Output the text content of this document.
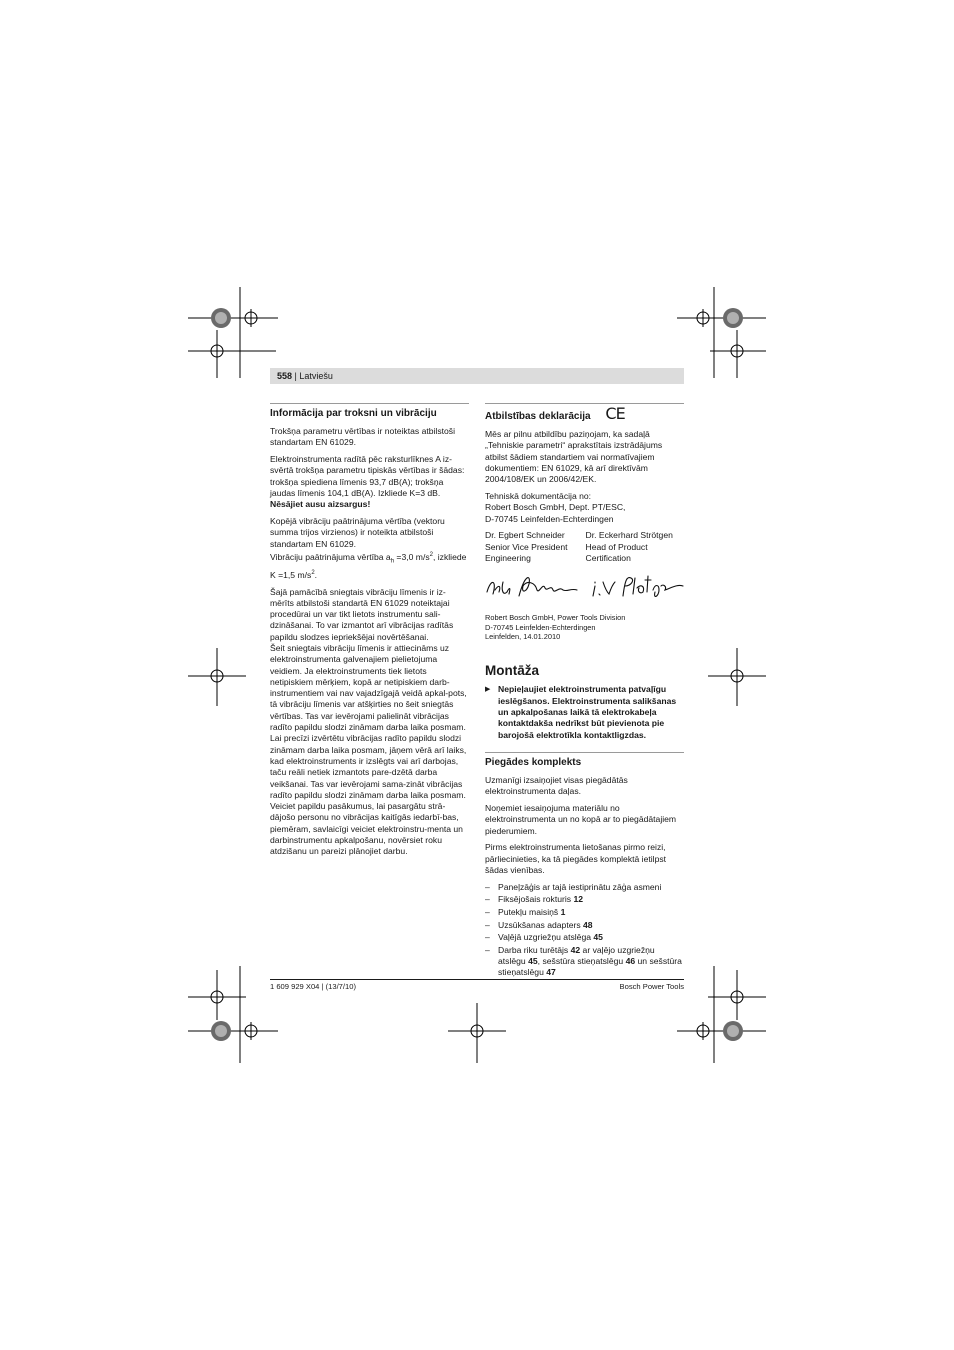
558 | Latviešu
Informācija par troksni un vibrāciju

Trokšņa parametru vērtības ir noteiktas atbilstoši standartam EN 61029.

Elektroinstrumenta radītā pēc raksturlīknes A iz-svērtā trokšņa parametru tipiskās vērtības ir šādas: trokšņa spiediena līmenis 93,7 dB(A); trokšņa jaudas līmenis 104,1 dB(A). Izkliede K=3 dB.

Nēsājiet ausu aizsargus!

Kopējā vibrāciju paātrinājuma vērtība (vektoru summa trijos virzienos) ir noteikta atbilstoši standartam EN 61029.

Vibrāciju paātrinājuma vērtība $a_h =3,0$ $m/s^2$, izkliede K =1,5 $m/s^2$.

Šajā pamācībā sniegtais vibrāciju līmenis ir iz-mērīts atbilstoši standartā EN 61029 noteiktajai procedūrai un var tikt lietots instrumentu sali-dzināšanai. To var izmantot arī vibrācijas radītās papildu slodzes iepriekšējai novērtēšanai.

Šeit sniegtais vibrāciju līmenis ir attiecināms uz elektroinstrumenta galvenajiem pielietojuma veidiem. Ja elektroinstruments tiek lietots netipiskiem mērķiem, kopā ar netipiskiem darb-instrumentiem vai nav vajadzīgajā veidā apkal-pots, tā vibrāciju līmenis var atšķirties no šeit sniegtās vērtības. Tas var ievērojami palielināt vibrācijas radīto papildu slodzi zināmam darba laika posmam.

Lai precīzi izvērtētu vibrācijas radīto papildu slodzi zināmam darba laika posmam, jāņem vērā arī laiks, kad elektroinstruments ir izslēgts vai arī darbojas, taču reāli netiek izmantots pare-dzētā darba veikšanai. Tas var ievērojami sama-zināt vibrācijas radīto papildu slodzi zināmam darba laika posmam.

Veiciet papildu pasākumus, lai pasargātu strā-dājošo personu no vibrācijas kaitīgās iedarbī-bas, piemēram, savlaicīgi veiciet elektroinstru-menta un darbinstrumentu apkalpošanu, novērsiet roku atdzišanu un pareizi plānojiet darbu.

Atbilstības deklarācija CE

Mēs ar pilnu atbildību paziņojam, ka sadaļā „Tehniskie parametri“ aprakstītais izstrādājums atbilst šādiem standartiem vai normatīvajiem dokumentiem: EN 61029, kā arī direktīvām 2004/108/EK un 2006/42/EK.

Tehniskā dokumentācija no:

Robert Bosch GmbH, Dept. PT/ESC,

D-70745 Leinfelden-Echterdingen

Dr. Egbert Schneider
Senior Vice President
Engineering
Dr. Eckerhard Strötgen
Head of Product
Certification
Robert Bosch GmbH, Power Tools Division
D-70745 Leinfelden-Echterdingen
Leinfelden, 14.01.2010
Montāža
▶ Nepieļaujiet elektroinstrumenta patvaļīgu ieslēgšanos. Elektroinstrumenta salikšanas un apkalpošanas laikā tā elektrokabeļa kontaktdakša nedrīkst būt pievienota pie barojošā elektrotīkla kontaktligzdas.
Piegādes komplekts

Uzmanīgi izsaiņojiet visas piegādātās elektroinstrumenta daļas.

Noņemiet iesaiņojuma materiālu no elektroinstrumenta un no kopā ar to piegādātajiem piederumiem.

Pirms elektroinstrumenta lietošanas pirmo reizi, pārliecinieties, ka tā piegādes komplektā ietilpst šādas vienības.

– Paneļzāģis ar tajā iestiprinātu zāģa asmeni
– Fiksējošais rokturis 12
– Putekļu maisiņš 1
– Uzsūkšanas adapters 48
– Vaļējā uzgriežņu atslēga 45
– Darba riku turētājs 42 ar vaļējo uzgriežņu atslēgu 45, sešstūra stieņatslēgu 46 un sešstūra stieņatslēgu 47
1 609 929 X04 | (13/7/10)	Bosch Power Tools
